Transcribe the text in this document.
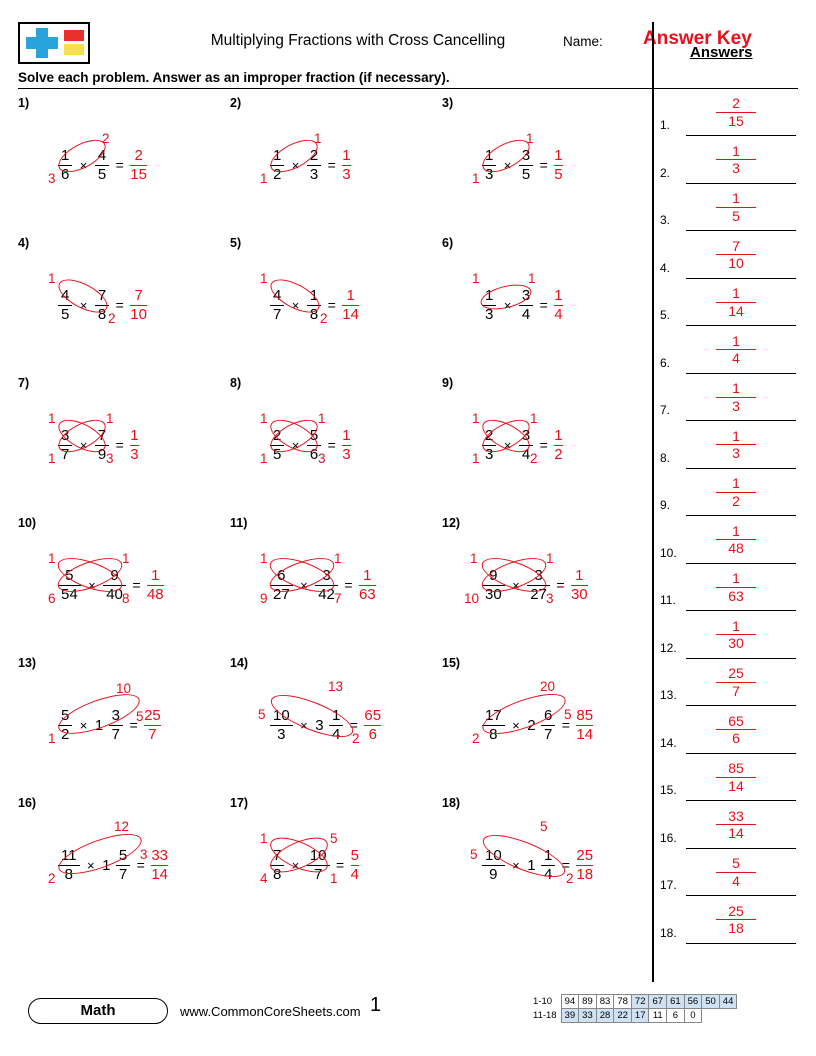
Multiplying Fractions with Cross Cancelling	Name: Answer Key
Answers
Solve each problem. Answer as an improper fraction (if necessary).
1)
$\frac{1}{6} \times \frac{4}{5} = \frac{2}{15}$
3
2
2)
$\frac{1}{2} \times \frac{2}{3} = \frac{1}{3}$
1
1
3)
$\frac{1}{3} \times \frac{3}{5} = \frac{1}{5}$
1
1
4)
$\frac{4}{5} \times \frac{7}{8} = \frac{7}{10}$
1
2
5)
$\frac{4}{7} \times \frac{1}{8} = \frac{1}{14}$
1
2
6)
$\frac{1}{3} \times \frac{3}{4} = \frac{1}{4}$
1	1
7)
$\frac{3}{7} \times \frac{7}{9} = \frac{1}{3}$
1	1
1	3
8)
$\frac{2}{5} \times \frac{5}{6} = \frac{1}{3}$
1	1
1	3
9)
$\frac{2}{3} \times \frac{3}{4} = \frac{1}{2}$
1	1
1	2
10)
$\frac{5}{54} \times \frac{9}{40} = \frac{1}{48}$
1	1
6	8
11)
$\frac{6}{27} \times \frac{3}{42} = \frac{1}{63}$
1	1
9	7
12)
$\frac{9}{30} \times \frac{3}{27} = \frac{1}{30}$
1	1
10	3
13)
$\frac{5}{2} \times 1 \frac{3}{7} = \frac{25}{7}$
10
5
1
14)
$\frac{10}{3} \times 3 \frac{1}{4} = \frac{65}{6}$
13
5
2
15)
$\frac{17}{8} \times 2 \frac{6}{7} = \frac{85}{14}$
20
5
2
16)
$\frac{11}{8} \times 1 \frac{5}{7} = \frac{33}{14}$
12
3
2
17)
$\frac{7}{8} \times \frac{10}{7} = \frac{5}{4}$
1	5
4	1
18)
$\frac{10}{9} \times 1 \frac{1}{4} = \frac{25}{18}$
5
5
2
1.
2
15
2.
1
3
3.
1
5
4.
7
10
5.
1
14
6.
1
4
7.
1
3
8.
1
3
9.
1
2
10.
1
48
11.
1
63
12.
1
30
13.
25
7
14.
65
6
15.
85
14
16.
33
14
17.
5
4
18.
25
18
Math	www.CommonCoreSheets.com 1	1-10	94	89	83	78	72	67	61	56	50	44
11-18	39	33	28	22	17	11	6	0		
